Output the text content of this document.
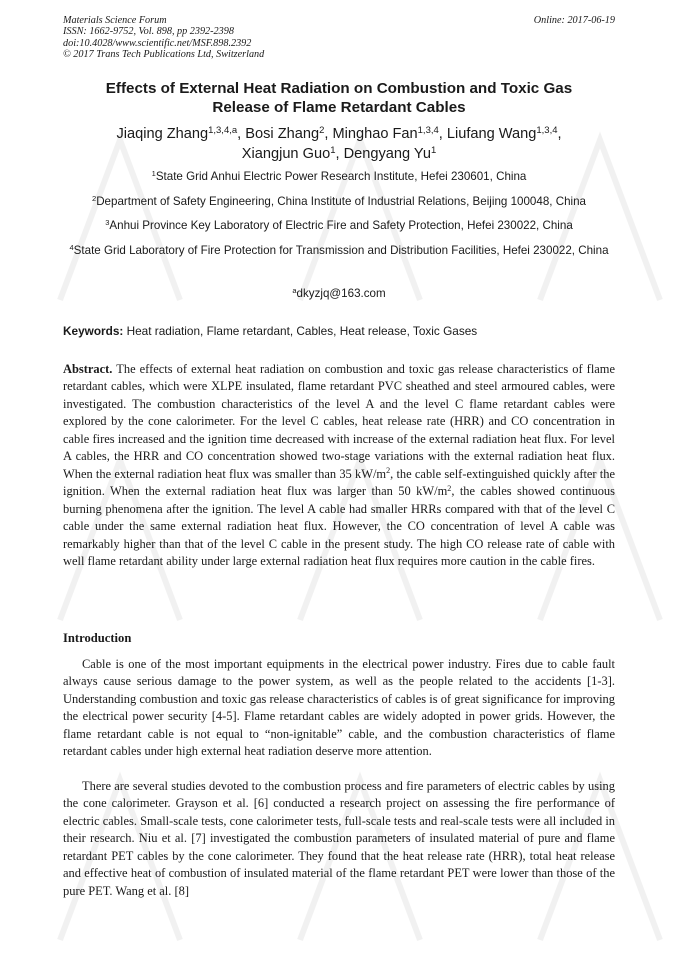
Materials Science Forum
ISSN: 1662-9752, Vol. 898, pp 2392-2398
doi:10.4028/www.scientific.net/MSF.898.2392
© 2017 Trans Tech Publications Ltd, Switzerland
Online: 2017-06-19
Effects of External Heat Radiation on Combustion and Toxic Gas
Release of Flame Retardant Cables
Jiaqing Zhang$^{1,3,4,a}$, Bosi Zhang$^2$, Minghao Fan$^{1,3,4}$, Liufang Wang$^{1,3,4}$,
Xiangjun Guo$^1$, Dengyang Yu$^1$
$^1$State Grid Anhui Electric Power Research Institute, Hefei 230601, China
$^2$Department of Safety Engineering, China Institute of Industrial Relations, Beijing 100048, China
$^3$Anhui Province Key Laboratory of Electric Fire and Safety Protection, Hefei 230022, China
$^4$State Grid Laboratory of Fire Protection for Transmission and Distribution Facilities, Hefei 230022, China
$^a$dkyzjq@163.com
Keywords: Heat radiation, Flame retardant, Cables, Heat release, Toxic Gases
Abstract. The effects of external heat radiation on combustion and toxic gas release characteristics of flame retardant cables, which were XLPE insulated, flame retardant PVC sheathed and steel armoured cables, were investigated. The combustion characteristics of the level A and the level C flame retardant cables were explored by the cone calorimeter. For the level C cables, heat release rate (HRR) and CO concentration in cable fires increased and the ignition time decreased with increase of the external radiation heat flux. For level A cables, the HRR and CO concentration showed two-stage variations with the external radiation heat flux. When the external radiation heat flux was smaller than 35 $kW/m^2$, the cable self-extinguished quickly after the ignition. When the external radiation heat flux was larger than 50 $kW/m^2$, the cables showed continuous burning phenomena after the ignition. The level A cable had smaller HRRs compared with that of the level C cable under the same external radiation heat flux. However, the CO concentration of level A cable was remarkably higher than that of the level C cable in the present study. The high CO release rate of cable with well flame retardant ability under large external radiation heat flux requires more caution in the cable fires.
Introduction
Cable is one of the most important equipments in the electrical power industry. Fires due to cable fault always cause serious damage to the power system, as well as the people related to the accidents [1-3]. Understanding combustion and toxic gas release characteristics of cables is of great significance for improving the electrical power security [4-5]. Flame retardant cables are widely adopted in power grids. However, the flame retardant cable is not equal to “non-ignitable” cable, and the combustion characteristics of flame retardant cables under high external heat radiation deserve more attention.
There are several studies devoted to the combustion process and fire parameters of electric cables by using the cone calorimeter. Grayson et al. [6] conducted a research project on assessing the fire performance of electric cables. Small-scale tests, cone calorimeter tests, full-scale tests and real-scale tests were all included in their research. Niu et al. [7] investigated the combustion parameters of insulated material of pure and flame retardant PET cables by the cone calorimeter. They found that the heat release rate (HRR), total heat release and effective heat of combustion of insulated material of the flame retardant PET were lower than those of the pure PET. Wang et al. [8]
